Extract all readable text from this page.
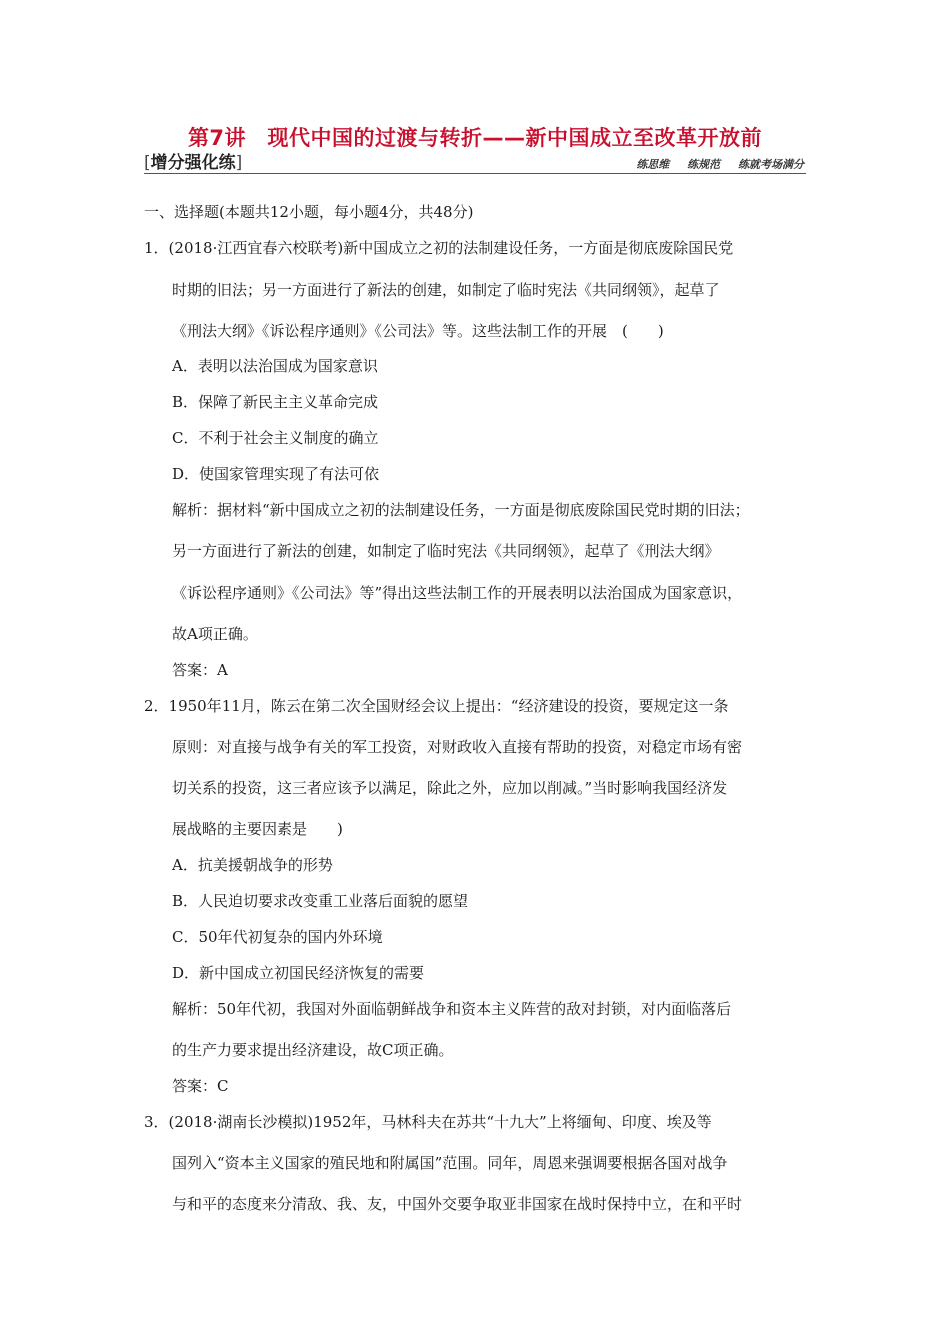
第7讲　现代中国的过渡与转折——新中国成立至改革开放前
[增分强化练]	练思维 练规范 练就考场满分
一、选择题(本题共12小题，每小题4分，共48分)
1．(2018·江西宜春六校联考)新中国成立之初的法制建设任务，一方面是彻底废除国民党
时期的旧法；另一方面进行了新法的创建，如制定了临时宪法《共同纲领》，起草了
《刑法大纲》《诉讼程序通则》《公司法》等。这些法制工作的开展　(　　)
A．表明以法治国成为国家意识
B．保障了新民主主义革命完成
C．不利于社会主义制度的确立
D．使国家管理实现了有法可依
解析：据材料“新中国成立之初的法制建设任务，一方面是彻底废除国民党时期的旧法；
另一方面进行了新法的创建，如制定了临时宪法《共同纲领》，起草了《刑法大纲》
《诉讼程序通则》《公司法》等”得出这些法制工作的开展表明以法治国成为国家意识，
故A项正确。
答案：A
2．1950年11月，陈云在第二次全国财经会议上提出：“经济建设的投资，要规定这一条
原则：对直接与战争有关的军工投资，对财政收入直接有帮助的投资，对稳定市场有密
切关系的投资，这三者应该予以满足，除此之外，应加以削减。”当时影响我国经济发
展战略的主要因素是　　)
A．抗美援朝战争的形势
B．人民迫切要求改变重工业落后面貌的愿望
C．50年代初复杂的国内外环境
D．新中国成立初国民经济恢复的需要
解析：50年代初，我国对外面临朝鲜战争和资本主义阵营的敌对封锁，对内面临落后
的生产力要求提出经济建设，故C项正确。
答案：C
3．(2018·湖南长沙模拟)1952年，马林科夫在苏共“十九大”上将缅甸、印度、埃及等
国列入“资本主义国家的殖民地和附属国”范围。同年，周恩来强调要根据各国对战争
与和平的态度来分清敌、我、友，中国外交要争取亚非国家在战时保持中立，在和平时
